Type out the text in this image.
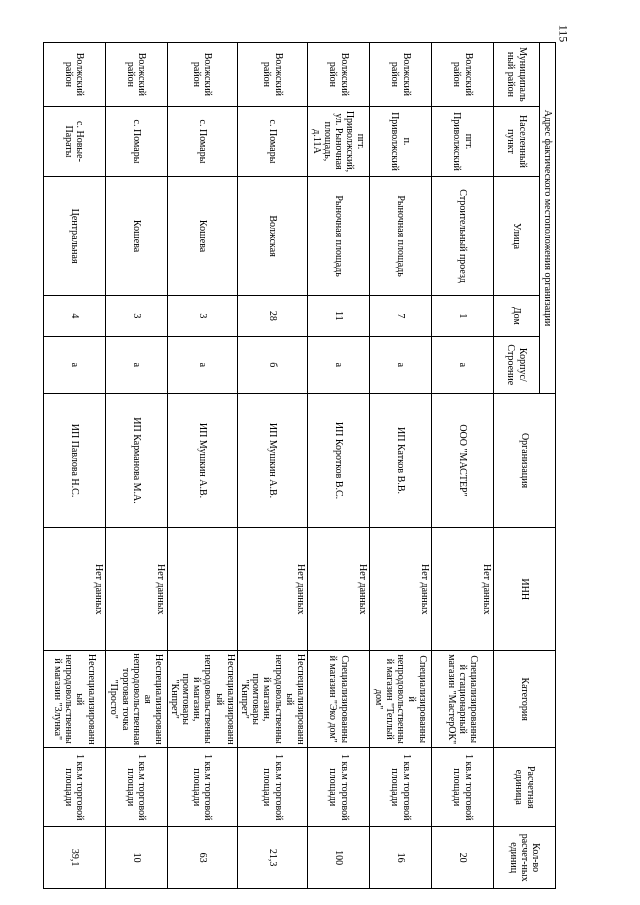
115
Адрес фактического местоположения организации					Организация	ИНН	Категория	Расчетная единица	Кол-во расчет-ных единиц
Муниципальный район	Населенный пункт	Улица	Дом	Корпус/ Строение					
Волжский район	пгт. Приволжский	Строительный проезд	1	а	ООО "МАСТЕР"	Нет данных	Специализированный стационарный магазин "МастерОК"	1 кв.м торговой площади	20
Волжский район	п. Приволжский	Рыночная площадь	7	а	ИП Катков В.В.	Нет данных	Специализированный непродовольственный магазин "Теплый дом"	1 кв.м торговой площади	16
Волжский район	пгт. Приволжский, ул. Рыночная площадь, д.11А	Рыночная площадь	11	а	ИП Коротков В.С.	Нет данных	Специализированный магазин "Эко дом"	1 кв.м торговой площади	100
Волжский район	с. Помары	Волжская	28	б	ИП Мушкин А.В.	Нет данных	Неспециализированный непродовольственный магазин, промтовары "Кнпрет"	1 кв.м торговой площади	21,3
Волжский район	с. Помары	Кошева	3	а	ИП Мушкин А.В.		Неспециализированный непродовольственный магазин, промтовары "Кнпрет"	1 кв.м торговой площади	63
Волжский район	с. Помары	Кошева	3	а	ИП Карманова М.А.	Нет данных	Неспециализированная непродовольственная торговая точка "Просто"	1 кв.м торговой площади	10
Волжский район	с. Новые-Параты	Центральная	4	а	ИП Павлова Н.С.	Нет данных	Неспециализированный непродовольственный магазин "Злунка"	1 кв.м торговой площади	39,1
